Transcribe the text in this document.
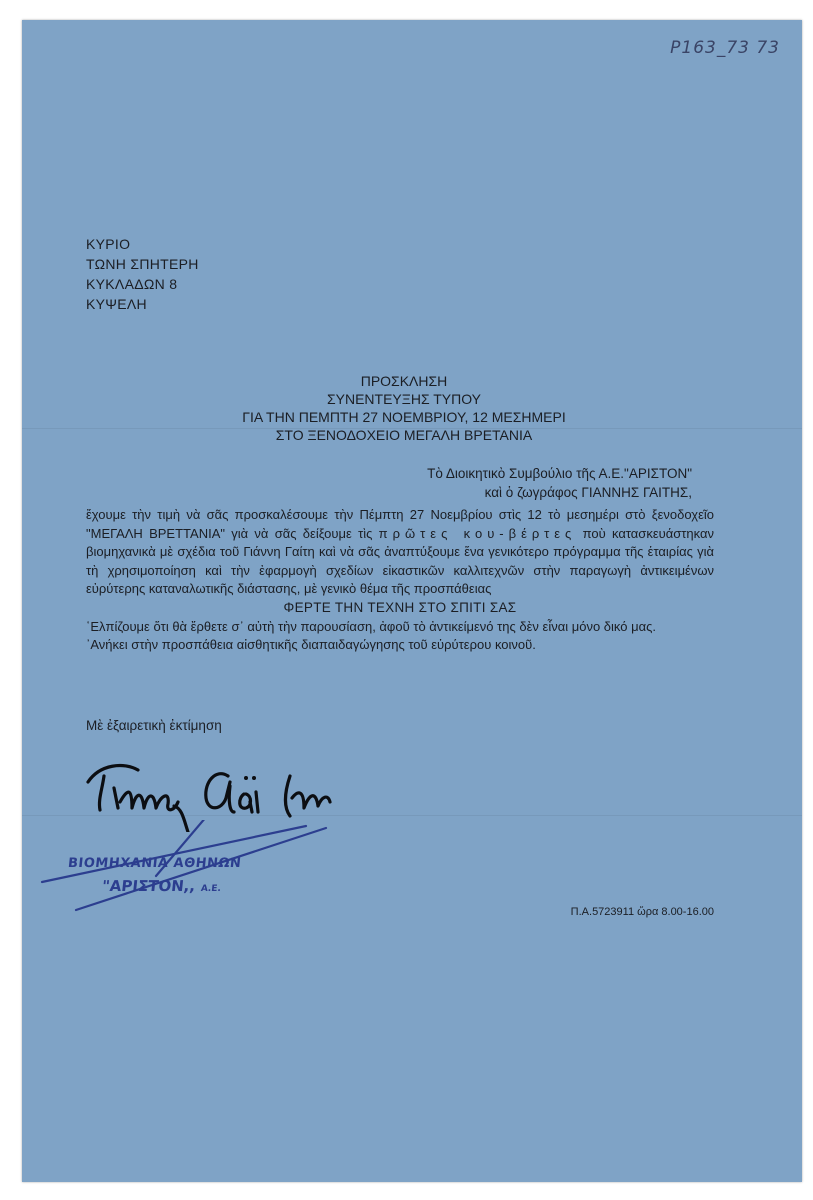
P163_73 73
ΚΥΡΙΟ
ΤΩΝΗ ΣΠΗΤΕΡΗ
ΚΥΚΛΑΔΩΝ 8
ΚΥΨΕΛΗ
ΠΡΟΣΚΛΗΣΗ
ΣΥΝΕΝΤΕΥΞΗΣ ΤΥΠΟΥ
ΓΙΑ ΤΗΝ ΠΕΜΠΤΗ 27 ΝΟΕΜΒΡΙΟΥ, 12 ΜΕΣΗΜΕΡΙ
ΣΤΟ ΞΕΝΟΔΟΧΕΙΟ ΜΕΓΑΛΗ ΒΡΕΤΑΝΙΑ
Τὸ Διοικητικὸ Συμβούλιο τῆς Α.Ε."ΑΡΙΣΤΟΝ"
καὶ ὁ ζωγράφος ΓΙΑΝΝΗΣ ΓΑΙΤΗΣ,

ἔχουμε τὴν τιμὴ νὰ σᾶς προσκαλέσουμε τὴν Πέμπτη 27 Νοεμβρίου στὶς 12 τὸ μεσημέρι στὸ ξενοδοχεῖο "ΜΕΓΑΛΗ ΒΡΕΤΤΑΝΙΑ" γιὰ νὰ σᾶς δείξουμε τὶς πρῶτες κου-βέρτες ποὺ κατασκευάστηκαν βιομηχανικὰ μὲ σχέδια τοῦ Γιάννη Γαίτη καὶ νὰ σᾶς ἀναπτύξουμε ἕνα γενικότερο πρόγραμμα τῆς ἑταιρίας γιὰ τὴ χρησιμοποίηση καὶ τὴν ἐφαρμογὴ σχεδίων εἰκαστικῶν καλλιτεχνῶν στὴν παραγωγὴ ἀντικειμένων εὐρύτερης καταναλωτικῆς διάστασης, μὲ γενικὸ θέμα τῆς προσπάθειας

ΦΕΡΤΕ ΤΗΝ ΤΕΧΝΗ ΣΤΟ ΣΠΙΤΙ ΣΑΣ

῾Ελπίζουμε ὅτι θὰ ἔρθετε σ᾽ αὐτὴ τὴν παρουσίαση, ἀφοῦ τὸ ἀντικείμενό της δὲν εἶναι μόνο δικό μας.

᾽Ανήκει στὴν προσπάθεια αἰσθητικῆς διαπαιδαγώγησης τοῦ εὐρύτερου κοινοῦ.

Μὲ ἐξαιρετικὴ ἐκτίμηση
ΒΙΟΜΗΧΑΝΙΑ ΑΘΗΝΩΝ
"ΑΡΙΣΤΟΝ,, Α.Ε.
Π.Α.5723911 ὥρα 8.00-16.00
